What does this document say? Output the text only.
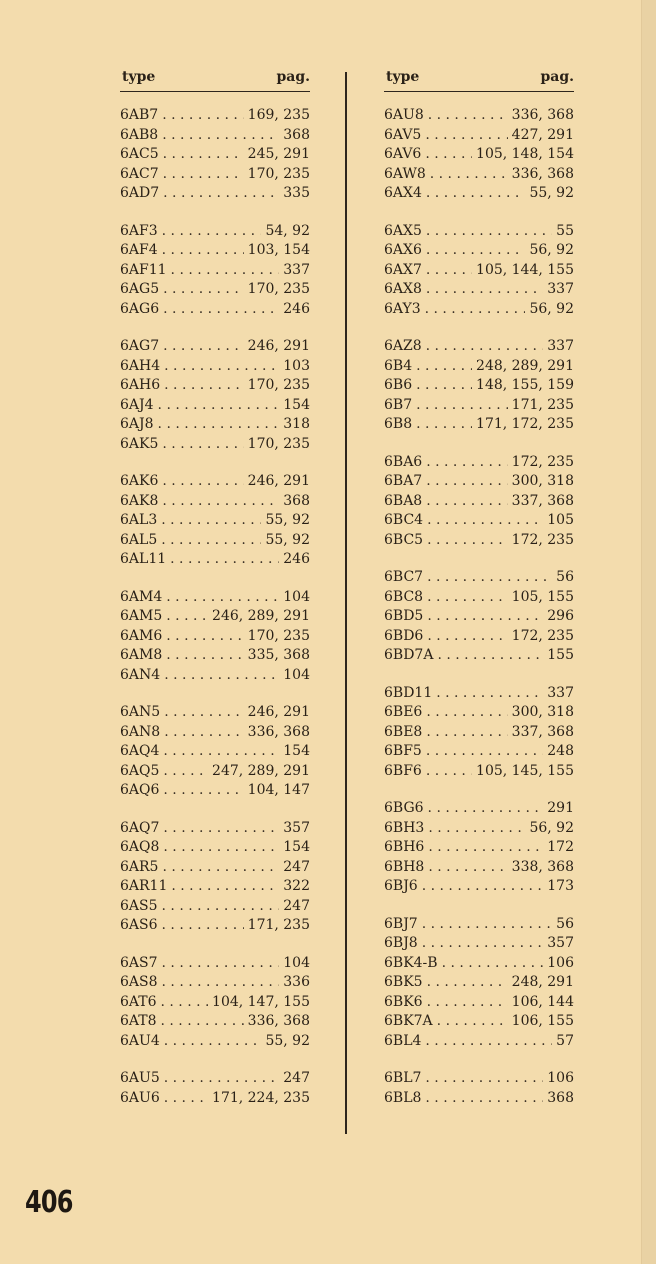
type	pag.
6AB7 . . .	169, 235
6AB8 . . .	368
6AC5 . . .	245, 291
6AC7 . . .	170, 235
6AD7 . . .	335
6AF3 . . .	54, 92
6AF4 . . .	103, 154
6AF11 . . .	337
6AG5 . . .	170, 235
6AG6 . . .	246
6AG7 . . .	246, 291
6AH4 . . .	103
6AH6 . . .	170, 235
6AJ4 . . .	154
6AJ8 . . .	318
6AK5 . . .	170, 235
6AK6 . . .	246, 291
6AK8 . . .	368
6AL3 . . .	55, 92
6AL5 . . .	55, 92
6AL11 . . .	246
6AM4 . . .	104
6AM5 . . .	246, 289, 291
6AM6 . . .	170, 235
6AM8 . . .	335, 368
6AN4 . . .	104
6AN5 . . .	246, 291
6AN8 . . .	336, 368
6AQ4 . . .	154
6AQ5 . . .	247, 289, 291
6AQ6 . . .	104, 147
6AQ7 . . .	357
6AQ8 . . .	154
6AR5 . . .	247
6AR11 . . .	322
6AS5 . . .	247
6AS6 . . .	171, 235
6AS7 . . .	104
6AS8 . . .	336
6AT6 . . .	104, 147, 155
6AT8 . . .	336, 368
6AU4 . . .	55, 92
6AU5 . . .	247
6AU6 . . .	171, 224, 235
type	pag.
6AU8 . . .	336, 368
6AV5 . . .	427, 291
6AV6 . . .	105, 148, 154
6AW8 . . .	336, 368
6AX4 . . .	55, 92
6AX5 . . .	55
6AX6 . . .	56, 92
6AX7 . . .	105, 144, 155
6AX8 . . .	337
6AY3 . . .	56, 92
6AZ8 . . .	337
6B4 . . .	248, 289, 291
6B6 . . .	148, 155, 159
6B7 . . .	171, 235
6B8 . . .	171, 172, 235
6BA6 . . .	172, 235
6BA7 . . .	300, 318
6BA8 . . .	337, 368
6BC4 . . .	105
6BC5 . . .	172, 235
6BC7 . . .	56
6BC8 . . .	105, 155
6BD5 . . .	296
6BD6 . . .	172, 235
6BD7A . . .	155
6BD11 . . .	337
6BE6 . . .	300, 318
6BE8 . . .	337, 368
6BF5 . . .	248
6BF6 . . .	105, 145, 155
6BG6 . . .	291
6BH3 . . .	56, 92
6BH6 . . .	172
6BH8 . . .	338, 368
6BJ6 . . .	173
6BJ7 . . .	56
6BJ8 . . .	357
6BK4-B . . .	106
6BK5 . . .	248, 291
6BK6 . . .	106, 144
6BK7A . . .	106, 155
6BL4 . . .	57
6BL7 . . .	106
6BL8 . . .	368
406
